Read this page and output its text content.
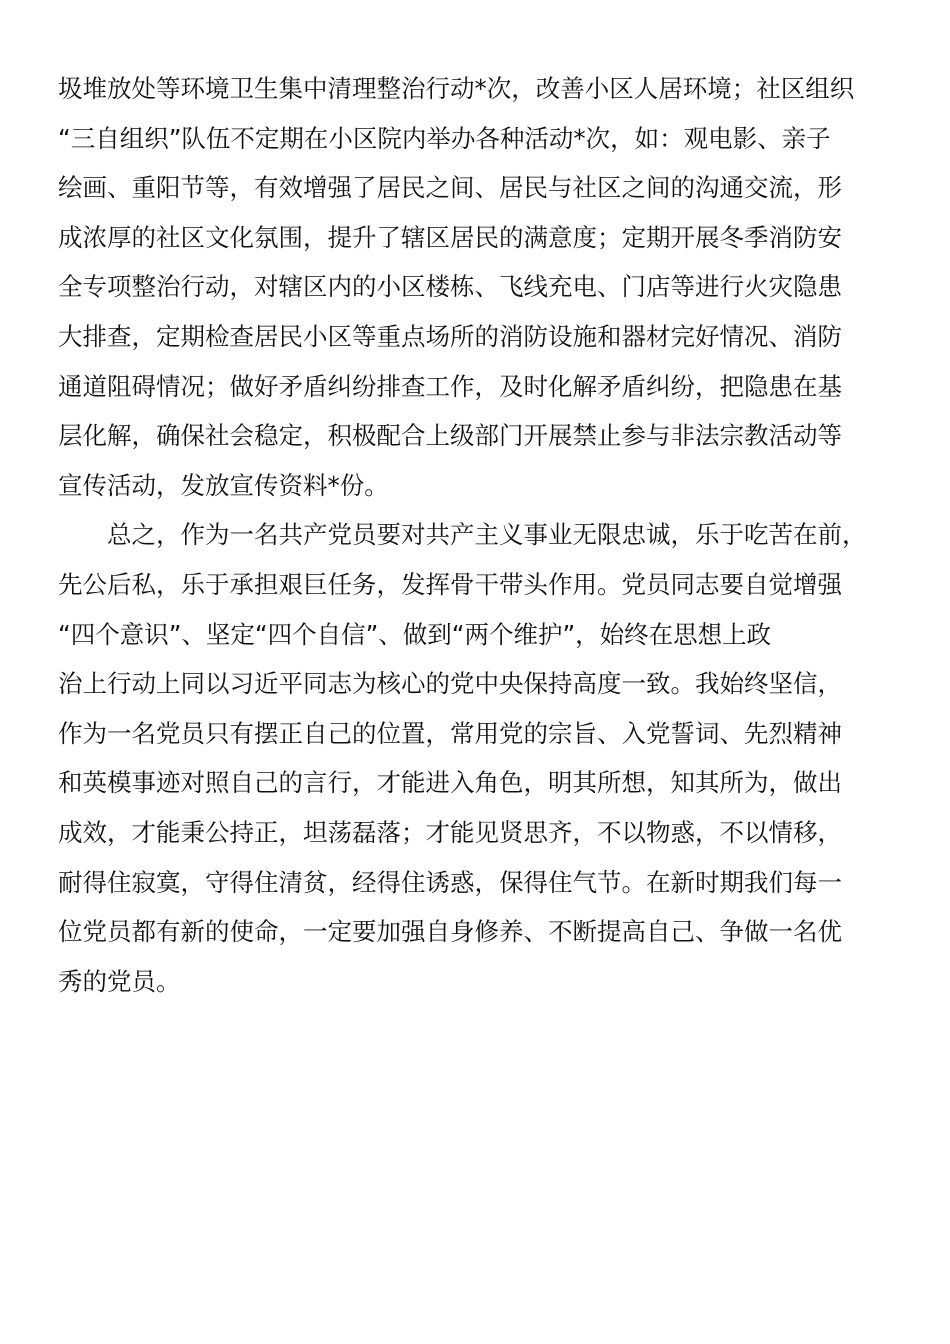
圾堆放处等环境卫生集中清理整治行动*次，改善小区人居环境；社区组织
“三自组织”队伍不定期在小区院内举办各种活动*次，如：观电影、亲子
绘画、重阳节等，有效增强了居民之间、居民与社区之间的沟通交流，形
成浓厚的社区文化氛围，提升了辖区居民的满意度；定期开展冬季消防安
全专项整治行动，对辖区内的小区楼栋、飞线充电、门店等进行火灾隐患
大排查，定期检查居民小区等重点场所的消防设施和器材完好情况、消防
通道阻碍情况；做好矛盾纠纷排查工作，及时化解矛盾纠纷，把隐患在基
层化解，确保社会稳定，积极配合上级部门开展禁止参与非法宗教活动等
宣传活动，发放宣传资料*份。
总之，作为一名共产党员要对共产主义事业无限忠诚，乐于吃苦在前，
先公后私，乐于承担艰巨任务，发挥骨干带头作用。党员同志要自觉增强
“四个意识”、坚定“四个自信”、做到“两个维护”，始终在思想上政
治上行动上同以习近平同志为核心的党中央保持高度一致。我始终坚信，
作为一名党员只有摆正自己的位置，常用党的宗旨、入党誓词、先烈精神
和英模事迹对照自己的言行，才能进入角色，明其所想，知其所为，做出
成效，才能秉公持正，坦荡磊落；才能见贤思齐，不以物惑，不以情移，
耐得住寂寞，守得住清贫，经得住诱惑，保得住气节。在新时期我们每一
位党员都有新的使命，一定要加强自身修养、不断提高自己、争做一名优
秀的党员。
